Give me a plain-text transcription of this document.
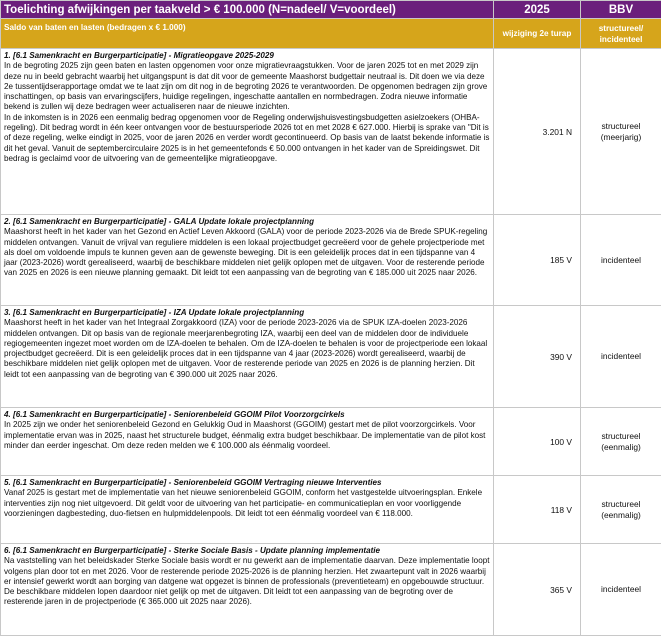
Toelichting afwijkingen per taakveld > € 100.000 (N=nadeel/ V=voordeel)	2025	BBV
Saldo van baten en lasten (bedragen x € 1.000)	wijziging 2e turap	structureel/ incidenteel

1. [6.1 Samenkracht en Burgerparticipatie] - Migratieopgave 2025-2029
In de begroting 2025 zijn geen baten en lasten opgenomen voor onze migratievraagstukken. Voor de jaren 2025 tot en met 2029 zijn deze nu in beeld gebracht waarbij het uitgangspunt is dat dit voor de gemeente Maashorst budgettair neutraal is. Dit doen we via deze 2e tussentijdserapportage omdat we te laat zijn om dit nog in de begroting 2026 te verantwoorden. De opgenomen bedragen zijn grove inschattingen, op basis van ervaringscijfers, huidige regelingen, ingeschatte aantallen en normbedragen. Zodra nieuwe informatie bekend is zullen wij deze bedragen weer actualiseren naar de nieuwe inzichten.
In de inkomsten is in 2026 een eenmalig bedrag opgenomen voor de Regeling onderwijshuisvestingsbudgetten asielzoekers (OHBA-regeling). Dit bedrag wordt in één keer ontvangen voor de bestuursperiode 2026 tot en met 2028 € 627.000. Hierbij is sprake van "Dit is of deze regeling, welke eindigt in 2025, voor de jaren 2026 en verder wordt gecontinueerd. Op basis van de laatst bekende informatie is dit het geval. Vanuit de septembercirculaire 2025 is in het gemeentefonds € 50.000 ontvangen in het kader van de Spreidingswet. Dit bedrag is geclaimd voor de uitvoering van de gemeentelijke migratieopgave.	3.201 N	structureel (meerjarig)

2. [6.1 Samenkracht en Burgerparticipatie] - GALA Update lokale projectplanning
Maashorst heeft in het kader van het Gezond en Actief Leven Akkoord (GALA) voor de periode 2023-2026 via de Brede SPUK-regeling middelen ontvangen. Vanuit de vrijval van reguliere middelen is een lokaal projectbudget gecreëerd voor de gehele projectperiode met als doel om voldoende impuls te kunnen geven aan de gewenste beweging. Dit is een geleidelijk proces dat in een tijdspanne van 4 jaar (2023-2026) wordt gerealiseerd, waarbij de beschikbare middelen niet gelijk oplopen met de uitgaven. Voor de resterende periode van 2025 en 2026 is een nieuwe planning gemaakt. Dit leidt tot een aanpassing van de begroting van € 185.000 uit 2025 naar 2026.	185 V	incidenteel

3. [6.1 Samenkracht en Burgerparticipatie] - IZA Update lokale projectplanning
Maashorst heeft in het kader van het Integraal Zorgakkoord (IZA) voor de periode 2023-2026 via de SPUK IZA-doelen 2023-2026 middelen ontvangen. Dit op basis van de regionale meerjarenbegroting IZA, waarbij een deel van de middelen door de individuele regiogemeenten ingezet moet worden om de IZA-doelen te behalen. Om de IZA-doelen te behalen is voor de projectperiode een lokaal projectbudget gecreëerd. Dit is een geleidelijk proces dat in een tijdspanne van 4 jaar (2023-2026) wordt gerealiseerd, waarbij de beschikbare middelen niet gelijk oplopen met de uitgaven. Voor de resterende periode van 2025 en 2026 is de planning herzien. Dit leidt tot een aanpassing van de begroting van € 390.000 uit 2025 naar 2026.	390 V	incidenteel

4. [6.1 Samenkracht en Burgerparticipatie] - Seniorenbeleid GGOIM Pilot Voorzorgcirkels
In 2025 zijn we onder het seniorenbeleid Gezond en Gelukkig Oud in Maashorst (GGOIM) gestart met de pilot voorzorgcirkels. Voor implementatie ervan was in 2025, naast het structurele budget, éénmalig extra budget beschikbaar. De implementatie van de pilot kost minder dan eerder ingeschat. Om deze reden melden we € 100.000 als éénmalig voordeel.	100 V	structureel (eenmalig)

5. [6.1 Samenkracht en Burgerparticipatie] - Seniorenbeleid GGOIM Vertraging nieuwe Interventies
Vanaf 2025 is gestart met de implementatie van het nieuwe seniorenbeleid GGOIM, conform het vastgestelde uitvoeringsplan. Enkele interventies zijn nog niet uitgevoerd. Dit geldt voor de uitvoering van het participatie- en communicatieplan en voor voorliggende voorzieningen dagbesteding, duo-fietsen en hulpmiddelenpools. Dit leidt tot een éénmalig voordeel van € 118.000.	118 V	structureel (eenmalig)

6. [6.1 Samenkracht en Burgerparticipatie] - Sterke Sociale Basis - Update planning implementatie
Na vaststelling van het beleidskader Sterke Sociale basis wordt er nu gewerkt aan de implementatie daarvan. Deze implementatie loopt volgens plan door tot en met 2026. Voor de resterende periode 2025-2026 is de planning herzien. Het zwaartepunt valt in 2026 waarbij er intensief gewerkt wordt aan borging van datgene wat opgezet is binnen de professionals (preventieteam) en opgebouwde structuur. De beschikbare middelen lopen daardoor niet gelijk op met de uitgaven. Dit leidt tot een aanpassing van de begroting over de resterende jaren in de projectperiode (€ 365.000 uit 2025 naar 2026).	365 V	incidenteel
